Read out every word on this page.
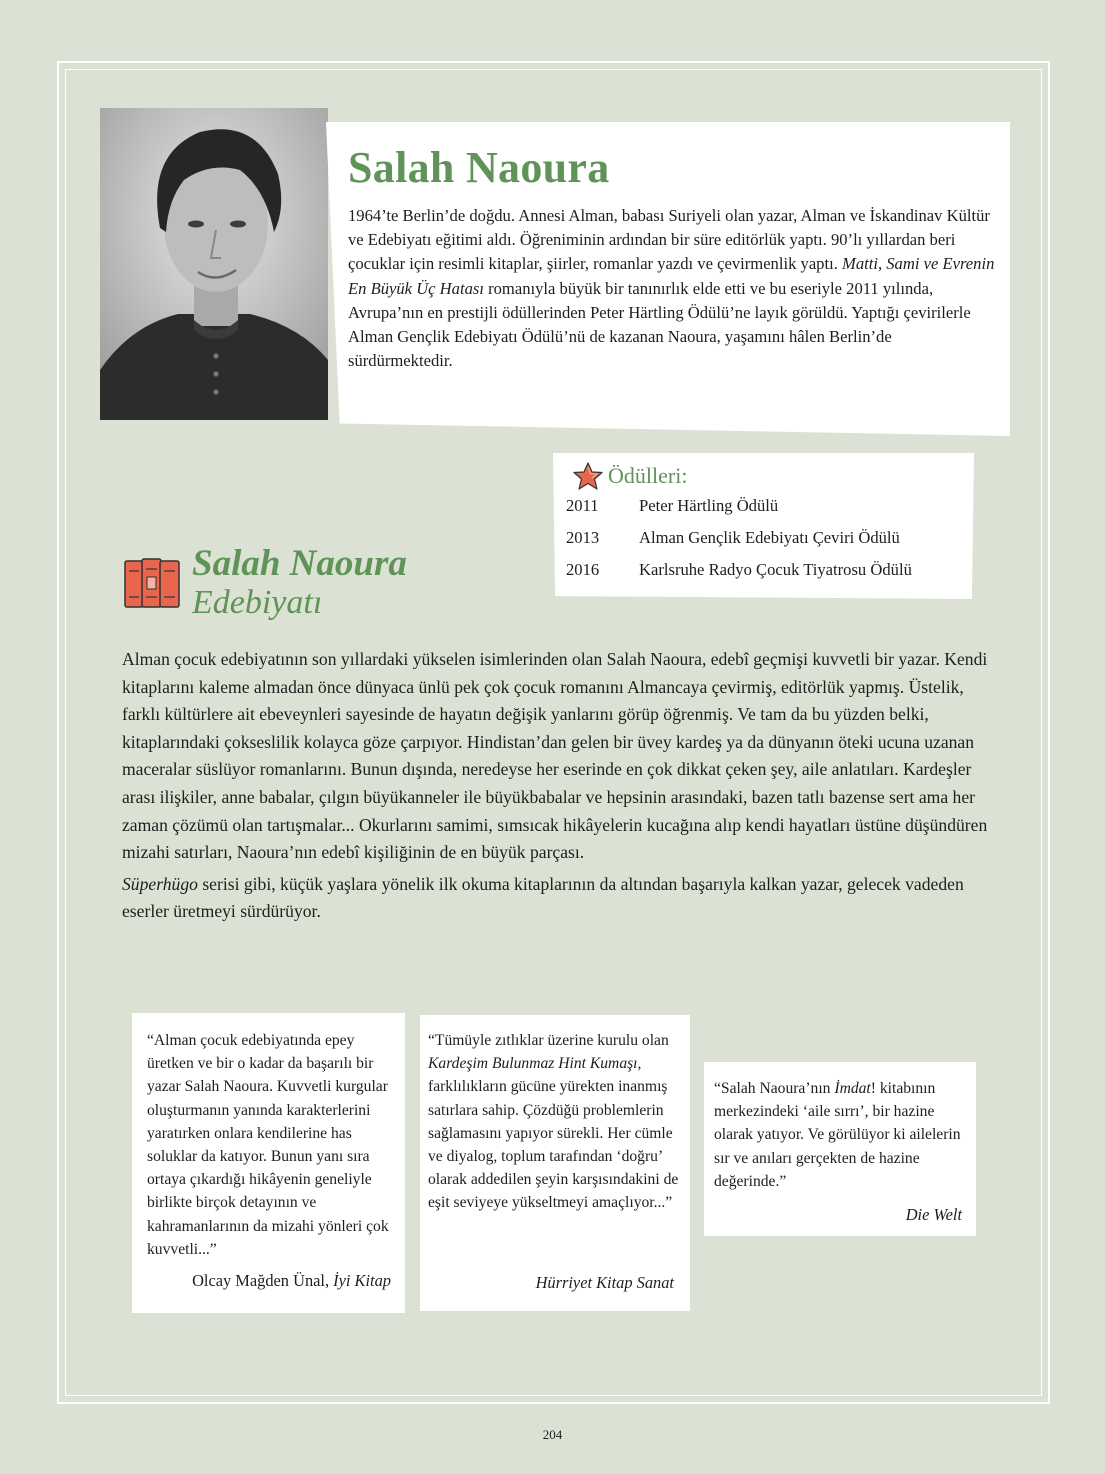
Salah Naoura

1964’te Berlin’de doğdu. Annesi Alman, babası Suriyeli olan yazar, Alman ve İskandinav Kültür ve Edebiyatı eğitimi aldı. Öğreniminin ardından bir süre editörlük yaptı. 90’lı yıllardan beri çocuklar için resimli kitaplar, şiirler, romanlar yazdı ve çevirmenlik yaptı. Matti, Sami ve Evrenin En Büyük Üç Hatası romanıyla büyük bir tanınırlık elde etti ve bu eseriyle 2011 yılında, Avrupa’nın en prestijli ödüllerinden Peter Härtling Ödülü’ne layık görüldü. Yaptığı çevirilerle Alman Gençlik Edebiyatı Ödülü’nü de kazanan Naoura, yaşamını hâlen Berlin’de sürdürmektedir.

Ödülleri:
2011	Peter Härtling Ödülü
2013	Alman Gençlik Edebiyatı Çeviri Ödülü
2016	Karlsruhe Radyo Çocuk Tiyatrosu Ödülü
Salah Naoura
Edebiyatı

Alman çocuk edebiyatının son yıllardaki yükselen isimlerinden olan Salah Naoura, edebî geçmişi kuvvetli bir yazar. Kendi kitaplarını kaleme almadan önce dünyaca ünlü pek çok çocuk romanını Almancaya çevirmiş, editörlük yapmış. Üstelik, farklı kültürlere ait ebeveynleri sayesinde de hayatın değişik yanlarını görüp öğrenmiş. Ve tam da bu yüzden belki, kitaplarındaki çokseslilik kolayca göze çarpıyor. Hindistan’dan gelen bir üvey kardeş ya da dünyanın öteki ucuna uzanan maceralar süslüyor romanlarını. Bunun dışında, neredeyse her eserinde en çok dikkat çeken şey, aile anlatıları. Kardeşler arası ilişkiler, anne babalar, çılgın büyükanneler ile büyükbabalar ve hepsinin arasındaki, bazen tatlı bazense sert ama her zaman çözümü olan tartışmalar... Okurlarını samimi, sımsıcak hikâyelerin kucağına alıp kendi hayatları üstüne düşündüren mizahi satırları, Naoura’nın edebî kişiliğinin de en büyük parçası.

Süperhügo serisi gibi, küçük yaşlara yönelik ilk okuma kitaplarının da altından başarıyla kalkan yazar, gelecek vadeden eserler üretmeyi sürdürüyor.

“Alman çocuk edebiyatında epey üretken ve bir o kadar da başarılı bir yazar Salah Naoura. Kuvvetli kurgular oluşturmanın yanında karakterlerini yaratırken onlara kendilerine has soluklar da katıyor. Bunun yanı sıra ortaya çıkardığı hikâyenin geneliyle birlikte birçok detayının ve kahramanlarının da mizahi yönleri çok kuvvetli...”

Olcay Mağden Ünal, İyi Kitap

“Tümüyle zıtlıklar üzerine kurulu olan Kardeşim Bulunmaz Hint Kumaşı, farklılıkların gücüne yürekten inanmış satırlara sahip. Çözdüğü problemlerin sağlamasını yapıyor sürekli. Her cümle ve diyalog, toplum tarafından ‘doğru’ olarak addedilen şeyin karşısındakini de eşit seviyeye yükseltmeyi amaçlıyor...”

Hürriyet Kitap Sanat

“Salah Naoura’nın İmdat! kitabının merkezindeki ‘aile sırrı’, bir hazine olarak yatıyor. Ve görülüyor ki ailelerin sır ve anıları gerçekten de hazine değerinde.”

Die Welt
204
